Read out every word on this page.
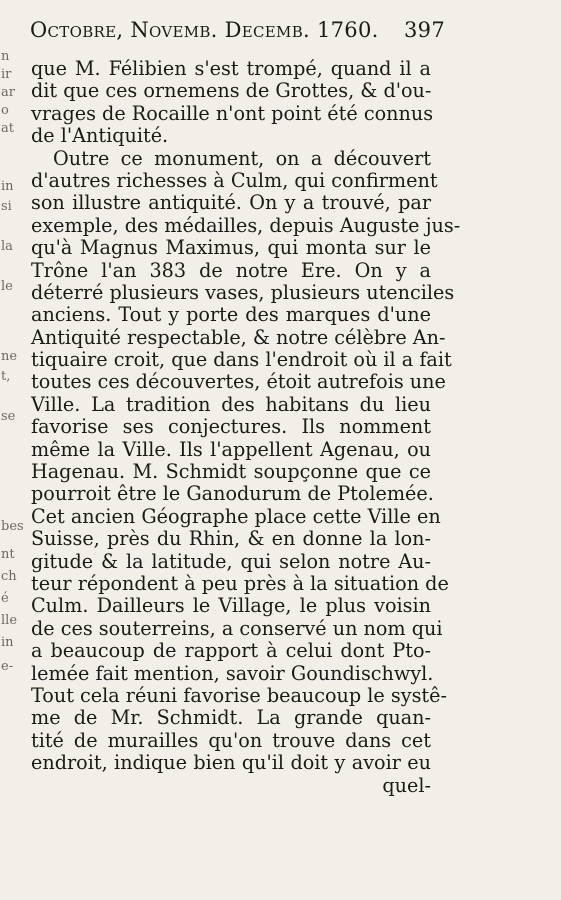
n
ir
ar
o
at
in
si
la
le
ne
t,
se
bes
nt
ch
é
lle
in
e-
Octobre, Novemb. Decemb. 1760. 397
que M. Félibien s'est trompé, quand il a
dit que ces ornemens de Grottes, & d'ou-
vrages de Rocaille n'ont point été connus
de l'Antiquité.
Outre ce monument, on a découvert
d'autres richesses à Culm, qui confirment
son illustre antiquité. On y a trouvé, par
exemple, des médailles, depuis Auguste jus-
qu'à Magnus Maximus, qui monta sur le
Trône l'an 383 de notre Ere. On y a
déterré plusieurs vases, plusieurs utenciles
anciens. Tout y porte des marques d'une
Antiquité respectable, & notre célèbre An-
tiquaire croit, que dans l'endroit où il a fait
toutes ces découvertes, étoit autrefois une
Ville. La tradition des habitans du lieu
favorise ses conjectures. Ils nomment
même la Ville. Ils l'appellent Agenau, ou
Hagenau. M. Schmidt soupçonne que ce
pourroit être le Ganodurum de Ptolemée.
Cet ancien Géographe place cette Ville en
Suisse, près du Rhin, & en donne la lon-
gitude & la latitude, qui selon notre Au-
teur répondent à peu près à la situation de
Culm. Dailleurs le Village, le plus voisin
de ces souterreins, a conservé un nom qui
a beaucoup de rapport à celui dont Pto-
lemée fait mention, savoir Goundischwyl.
Tout cela réuni favorise beaucoup le systê-
me de Mr. Schmidt. La grande quan-
tité de murailles qu'on trouve dans cet
endroit, indique bien qu'il doit y avoir eu
quel-
